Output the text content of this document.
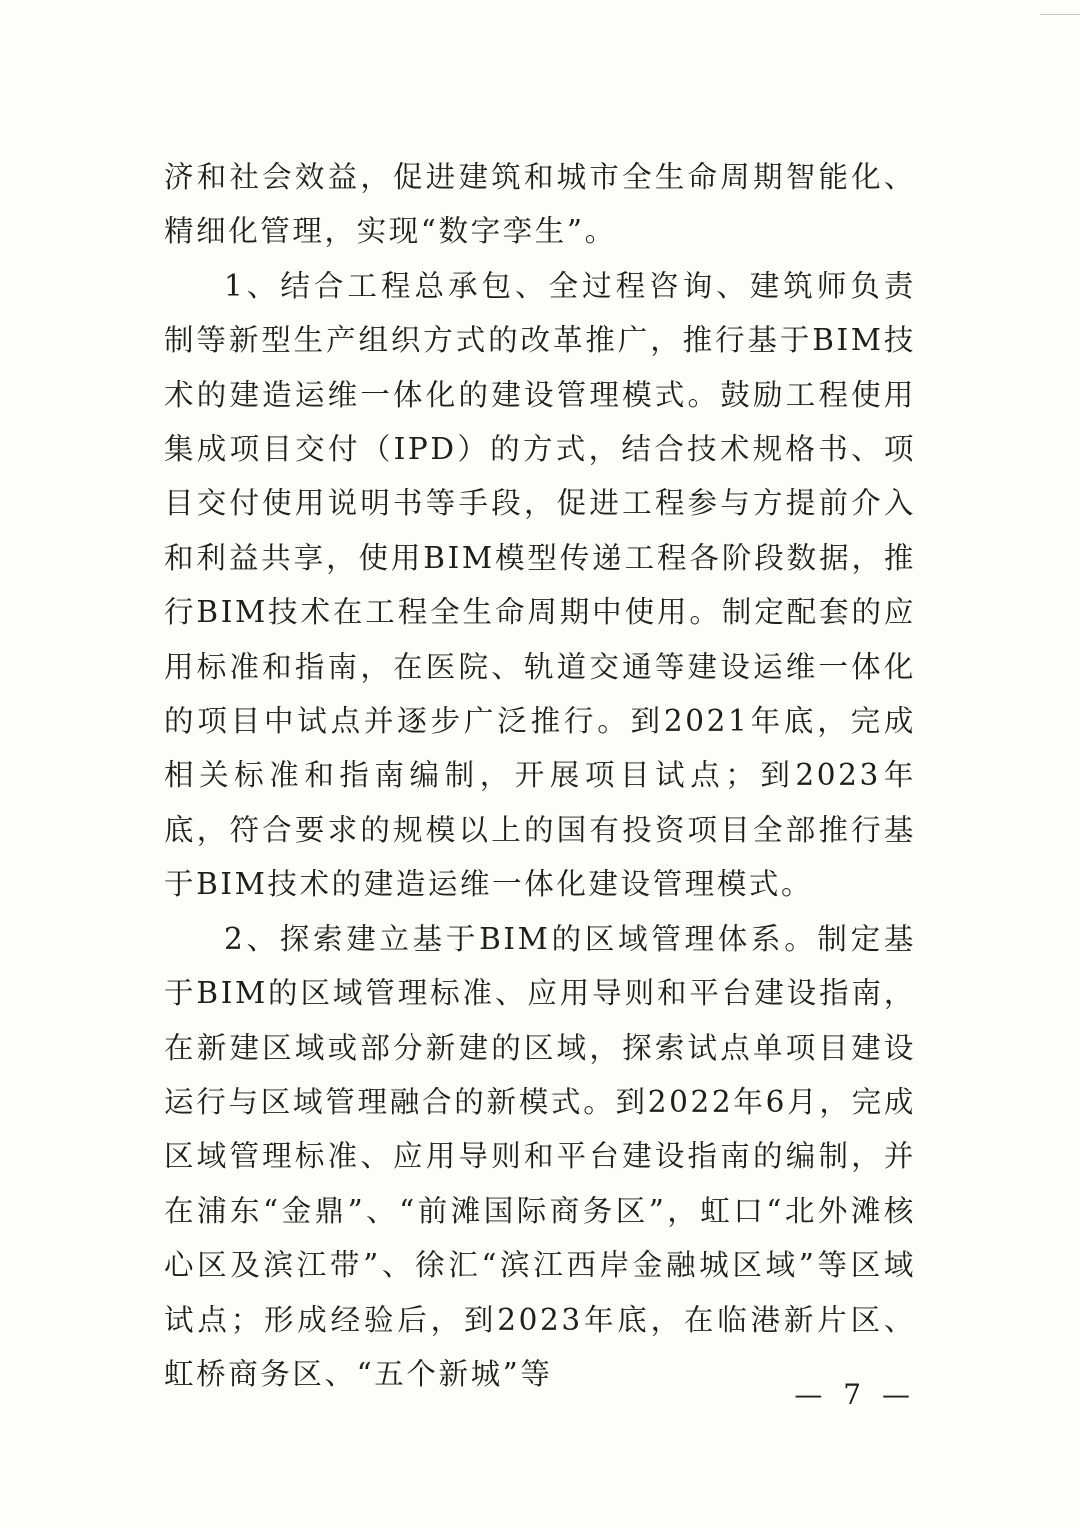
济和社会效益，促进建筑和城市全生命周期智能化、精细化管理，实现“数字孪生”。

1、结合工程总承包、全过程咨询、建筑师负责制等新型生产组织方式的改革推广，推行基于BIM技术的建造运维一体化的建设管理模式。鼓励工程使用集成项目交付（IPD）的方式，结合技术规格书、项目交付使用说明书等手段，促进工程参与方提前介入和利益共享，使用BIM模型传递工程各阶段数据，推行BIM技术在工程全生命周期中使用。制定配套的应用标准和指南，在医院、轨道交通等建设运维一体化的项目中试点并逐步广泛推行。到2021年底，完成相关标准和指南编制，开展项目试点；到2023年底，符合要求的规模以上的国有投资项目全部推行基于BIM技术的建造运维一体化建设管理模式。

2、探索建立基于BIM的区域管理体系。制定基于BIM的区域管理标准、应用导则和平台建设指南，在新建区域或部分新建的区域，探索试点单项目建设运行与区域管理融合的新模式。到2022年6月，完成区域管理标准、应用导则和平台建设指南的编制，并在浦东“金鼎”、“前滩国际商务区”，虹口“北外滩核心区及滨江带”、徐汇“滨江西岸金融城区域”等区域试点；形成经验后，到2023年底，在临港新片区、虹桥商务区、“五个新城”等

— 7 —
